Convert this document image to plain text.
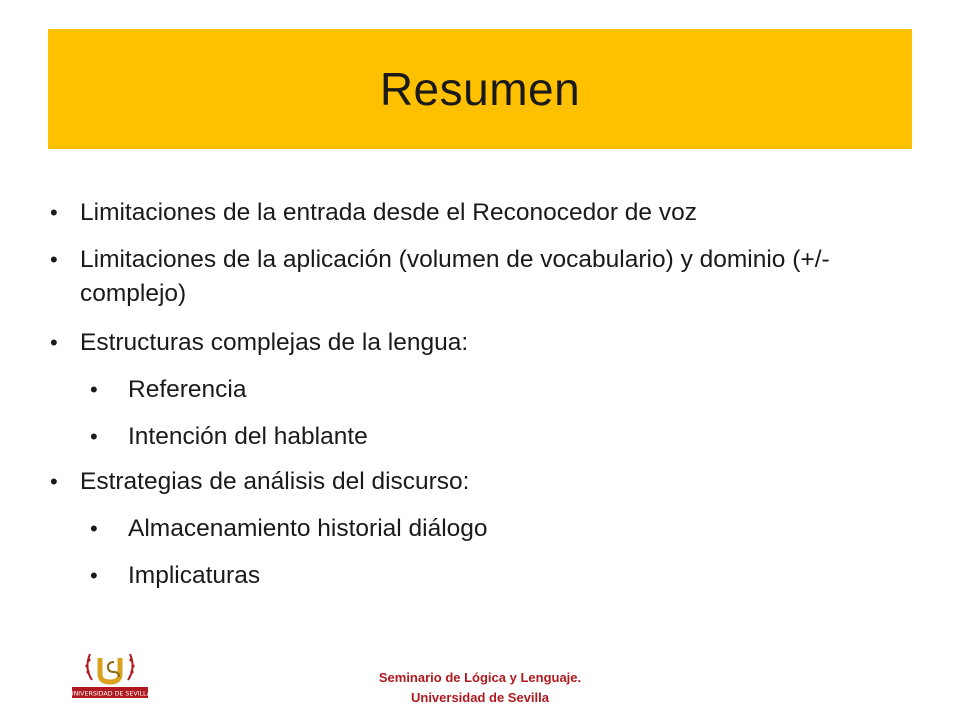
Resumen
• Limitaciones de la entrada desde el Reconocedor de voz
• Limitaciones de la aplicación (volumen de vocabulario) y dominio (+/- complejo)
• Estructuras complejas de la lengua:
• Referencia
• Intención del hablante
• Estrategias de análisis del discurso:
• Almacenamiento historial diálogo
• Implicaturas
UNIVERSIDAD DE SEVILLA
Seminario de Lógica y Lenguaje.
Universidad de Sevilla
